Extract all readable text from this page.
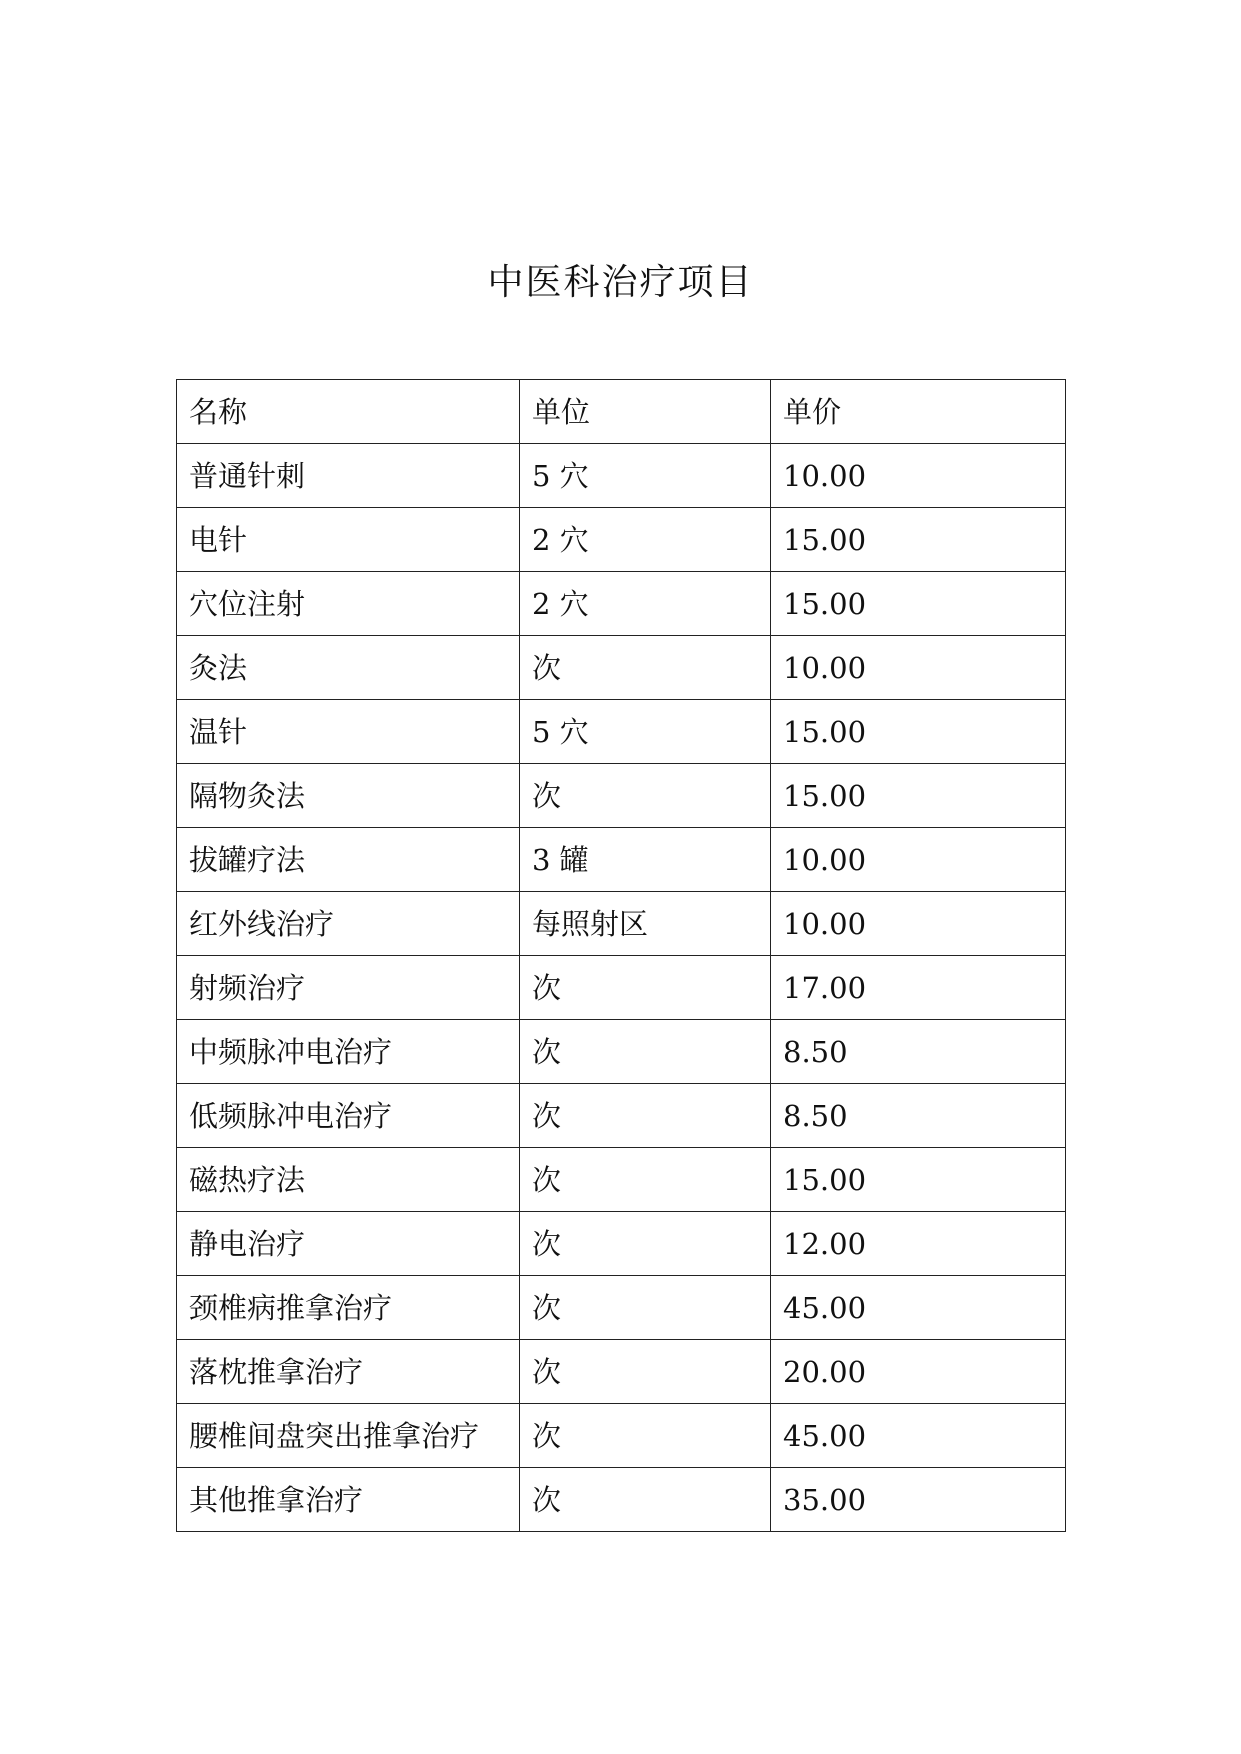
中医科治疗项目
名称	单位	单价
普通针刺	5 穴	10.00
电针	2 穴	15.00
穴位注射	2 穴	15.00
灸法	次	10.00
温针	5 穴	15.00
隔物灸法	次	15.00
拔罐疗法	3 罐	10.00
红外线治疗	每照射区	10.00
射频治疗	次	17.00
中频脉冲电治疗	次	8.50
低频脉冲电治疗	次	8.50
磁热疗法	次	15.00
静电治疗	次	12.00
颈椎病推拿治疗	次	45.00
落枕推拿治疗	次	20.00
腰椎间盘突出推拿治疗	次	45.00
其他推拿治疗	次	35.00
